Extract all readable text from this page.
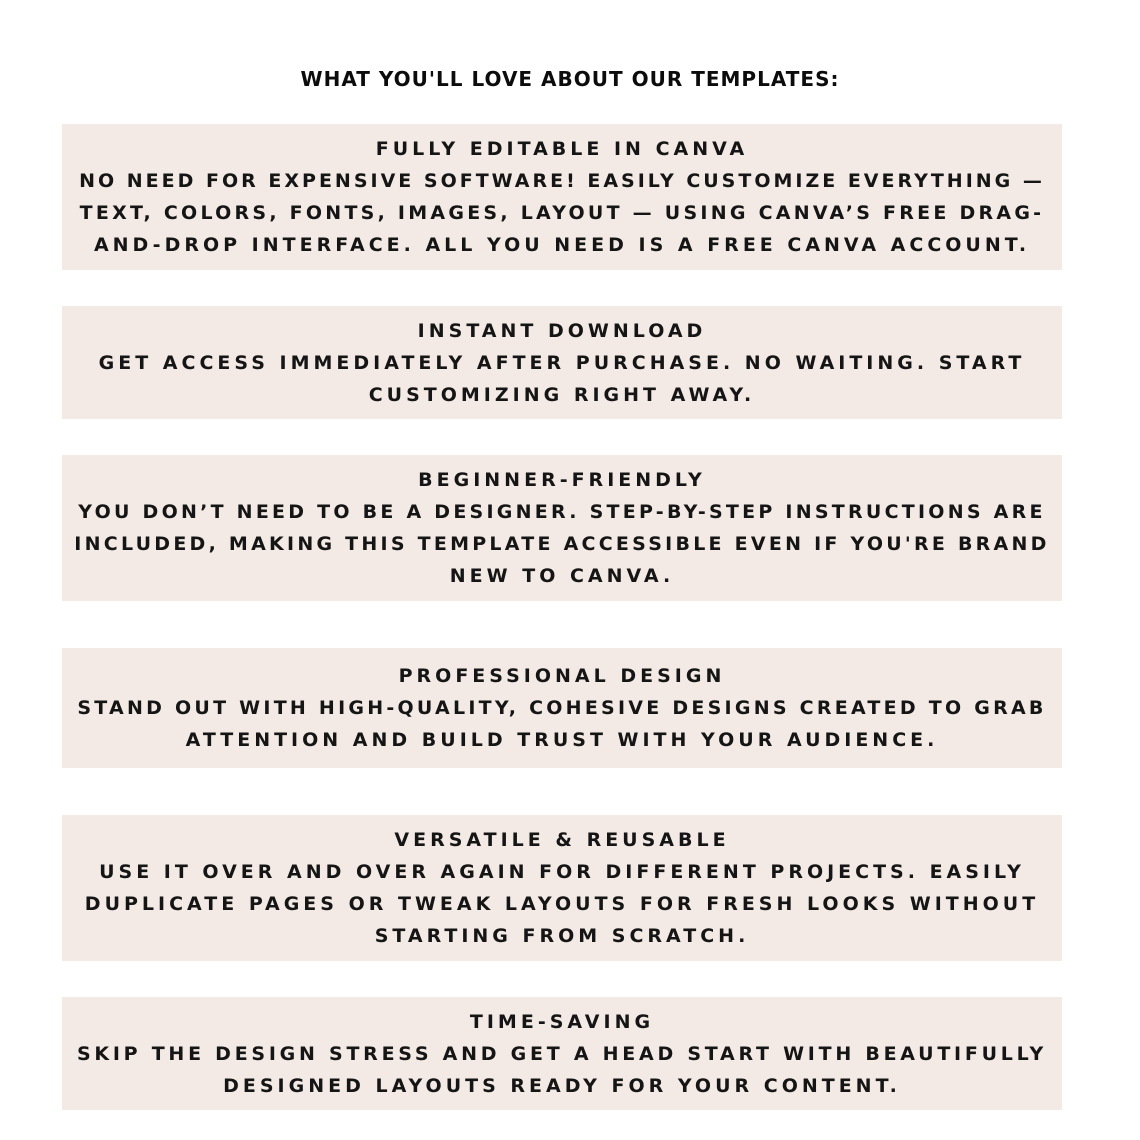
WHAT YOU'LL LOVE ABOUT OUR TEMPLATES:
FULLY EDITABLE IN CANVA
NO NEED FOR EXPENSIVE SOFTWARE! EASILY CUSTOMIZE EVERYTHING —
TEXT, COLORS, FONTS, IMAGES, LAYOUT — USING CANVA’S FREE DRAG-
AND-DROP INTERFACE. ALL YOU NEED IS A FREE CANVA ACCOUNT.
INSTANT DOWNLOAD
GET ACCESS IMMEDIATELY AFTER PURCHASE. NO WAITING. START
CUSTOMIZING RIGHT AWAY.
BEGINNER-FRIENDLY
YOU DON’T NEED TO BE A DESIGNER. STEP-BY-STEP INSTRUCTIONS ARE
INCLUDED, MAKING THIS TEMPLATE ACCESSIBLE EVEN IF YOU'RE BRAND
NEW TO CANVA.
PROFESSIONAL DESIGN
STAND OUT WITH HIGH-QUALITY, COHESIVE DESIGNS CREATED TO GRAB
ATTENTION AND BUILD TRUST WITH YOUR AUDIENCE.
VERSATILE & REUSABLE
USE IT OVER AND OVER AGAIN FOR DIFFERENT PROJECTS. EASILY
DUPLICATE PAGES OR TWEAK LAYOUTS FOR FRESH LOOKS WITHOUT
STARTING FROM SCRATCH.
TIME-SAVING
SKIP THE DESIGN STRESS AND GET A HEAD START WITH BEAUTIFULLY
DESIGNED LAYOUTS READY FOR YOUR CONTENT.
